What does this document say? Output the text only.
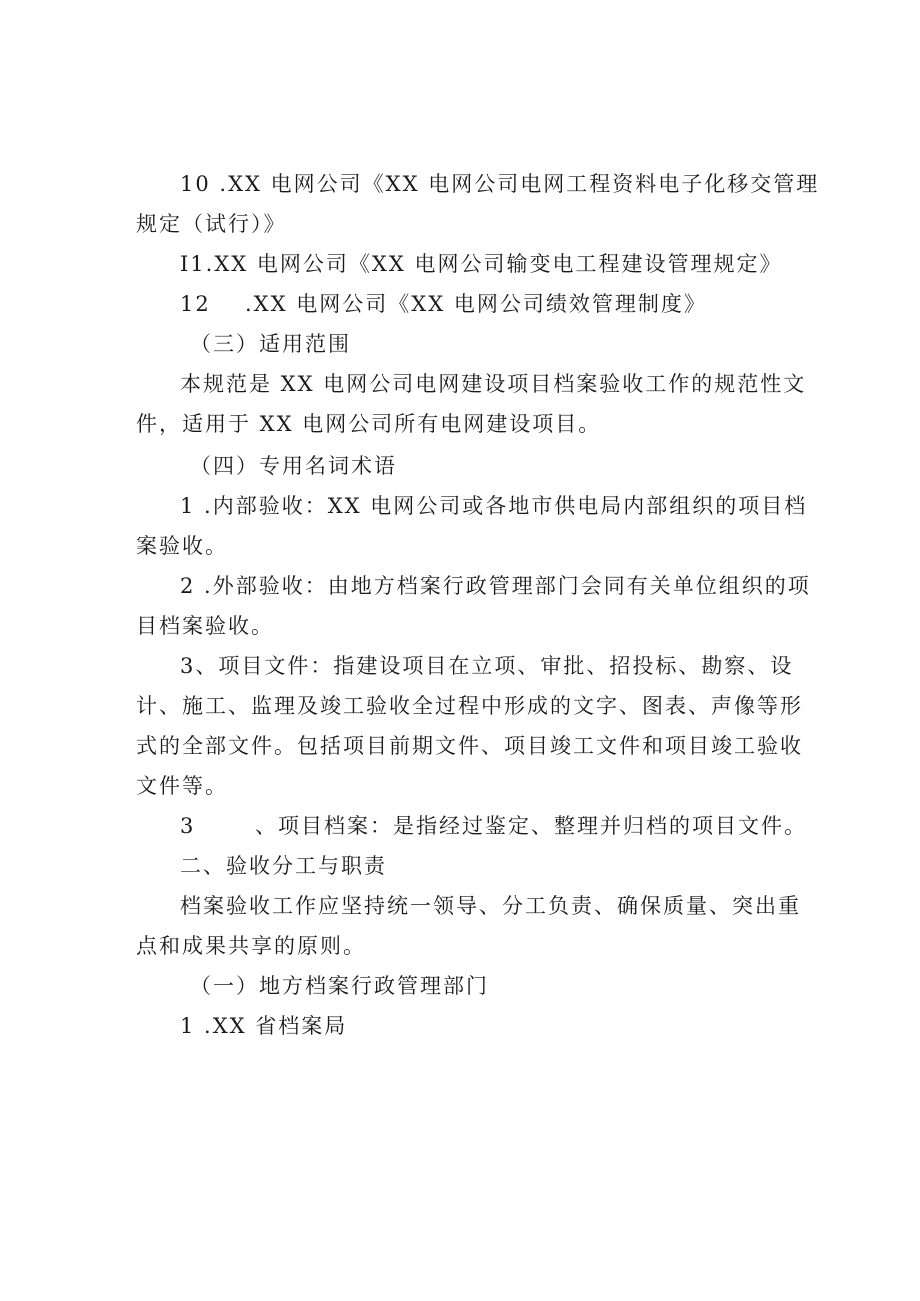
10 .XX 电网公司《XX 电网公司电网工程资料电子化移交管理
规定（试行）》
I1.XX 电网公司《XX 电网公司输变电工程建设管理规定》
12 .XX 电网公司《XX 电网公司绩效管理制度》
（三）适用范围
本规范是 XX 电网公司电网建设项目档案验收工作的规范性文
件，适用于 XX 电网公司所有电网建设项目。
（四）专用名词术语
1 .内部验收：XX 电网公司或各地市供电局内部组织的项目档
案验收。
2 .外部验收：由地方档案行政管理部门会同有关单位组织的项
目档案验收。
3、项目文件：指建设项目在立项、审批、招投标、勘察、设
计、施工、监理及竣工验收全过程中形成的文字、图表、声像等形
式的全部文件。包括项目前期文件、项目竣工文件和项目竣工验收
文件等。
3	、项目档案：是指经过鉴定、整理并归档的项目文件。
二、验收分工与职责
档案验收工作应坚持统一领导、分工负责、确保质量、突出重
点和成果共享的原则。
（一）地方档案行政管理部门
1 .XX 省档案局
